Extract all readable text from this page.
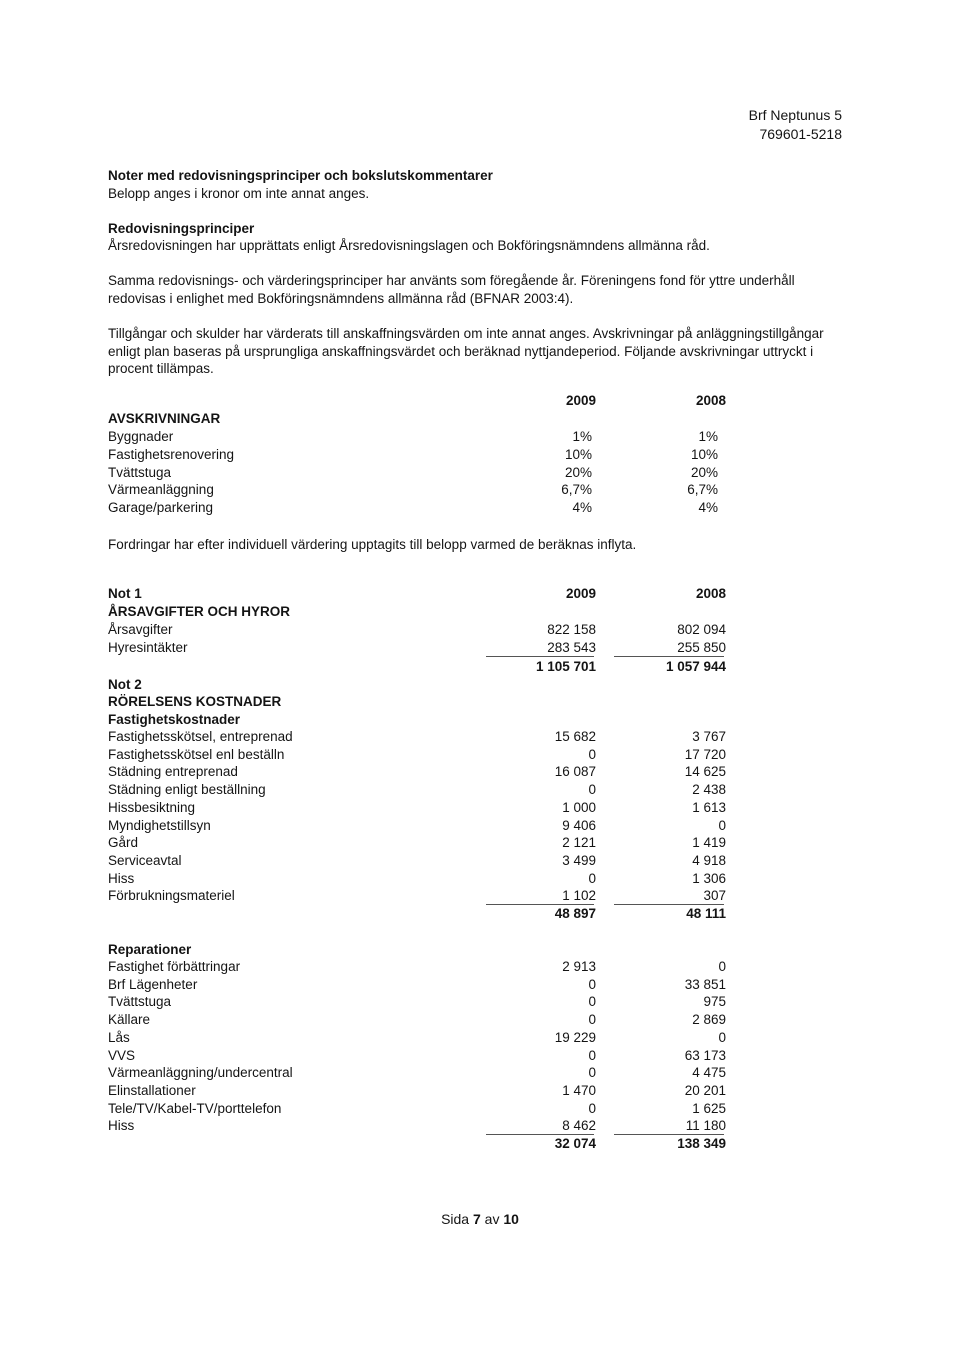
Brf Neptunus 5
769601-5218
Noter med redovisningsprinciper och bokslutskommentarer
Belopp anges i kronor om inte annat anges.
Redovisningsprinciper
Årsredovisningen har upprättats enligt Årsredovisningslagen och Bokföringsnämndens allmänna råd.
Samma redovisnings- och värderingsprinciper har använts som föregående år. Föreningens fond för yttre underhåll
redovisas i enlighet med Bokföringsnämndens allmänna råd (BFNAR 2003:4).
Tillgångar och skulder har värderats till anskaffningsvärden om inte annat anges. Avskrivningar på anläggningstillgångar
enligt plan baseras på ursprungliga anskaffningsvärdet och beräknad nyttjandeperiod. Följande avskrivningar uttryckt i
procent tillämpas.
2009	2008
AVSKRIVNINGAR
Byggnader	1%	1%
Fastighetsrenovering	10%	10%
Tvättstuga	20%	20%
Värmeanläggning	6,7%	6,7%
Garage/parkering	4%	4%
Fordringar har efter individuell värdering upptagits till belopp varmed de beräknas inflyta.
Not 1	2009	2008
ÅRSAVGIFTER OCH HYROR
Årsavgifter	822 158	802 094
Hyresintäkter	283 543	255 850
1 105 701	1 057 944
Not 2
RÖRELSENS KOSTNADER
Fastighetskostnader
Fastighetsskötsel, entreprenad	15 682	3 767
Fastighetsskötsel enl beställn	0	17 720
Städning entreprenad	16 087	14 625
Städning enligt beställning	0	2 438
Hissbesiktning	1 000	1 613
Myndighetstillsyn	9 406	0
Gård	2 121	1 419
Serviceavtal	3 499	4 918
Hiss	0	1 306
Förbrukningsmateriel	1 102	307
48 897	48 111
Reparationer
Fastighet förbättringar	2 913	0
Brf Lägenheter	0	33 851
Tvättstuga	0	975
Källare	0	2 869
Lås	19 229	0
VVS	0	63 173
Värmeanläggning/undercentral	0	4 475
Elinstallationer	1 470	20 201
Tele/TV/Kabel-TV/porttelefon	0	1 625
Hiss	8 462	11 180
32 074	138 349
Sida 7 av 10
